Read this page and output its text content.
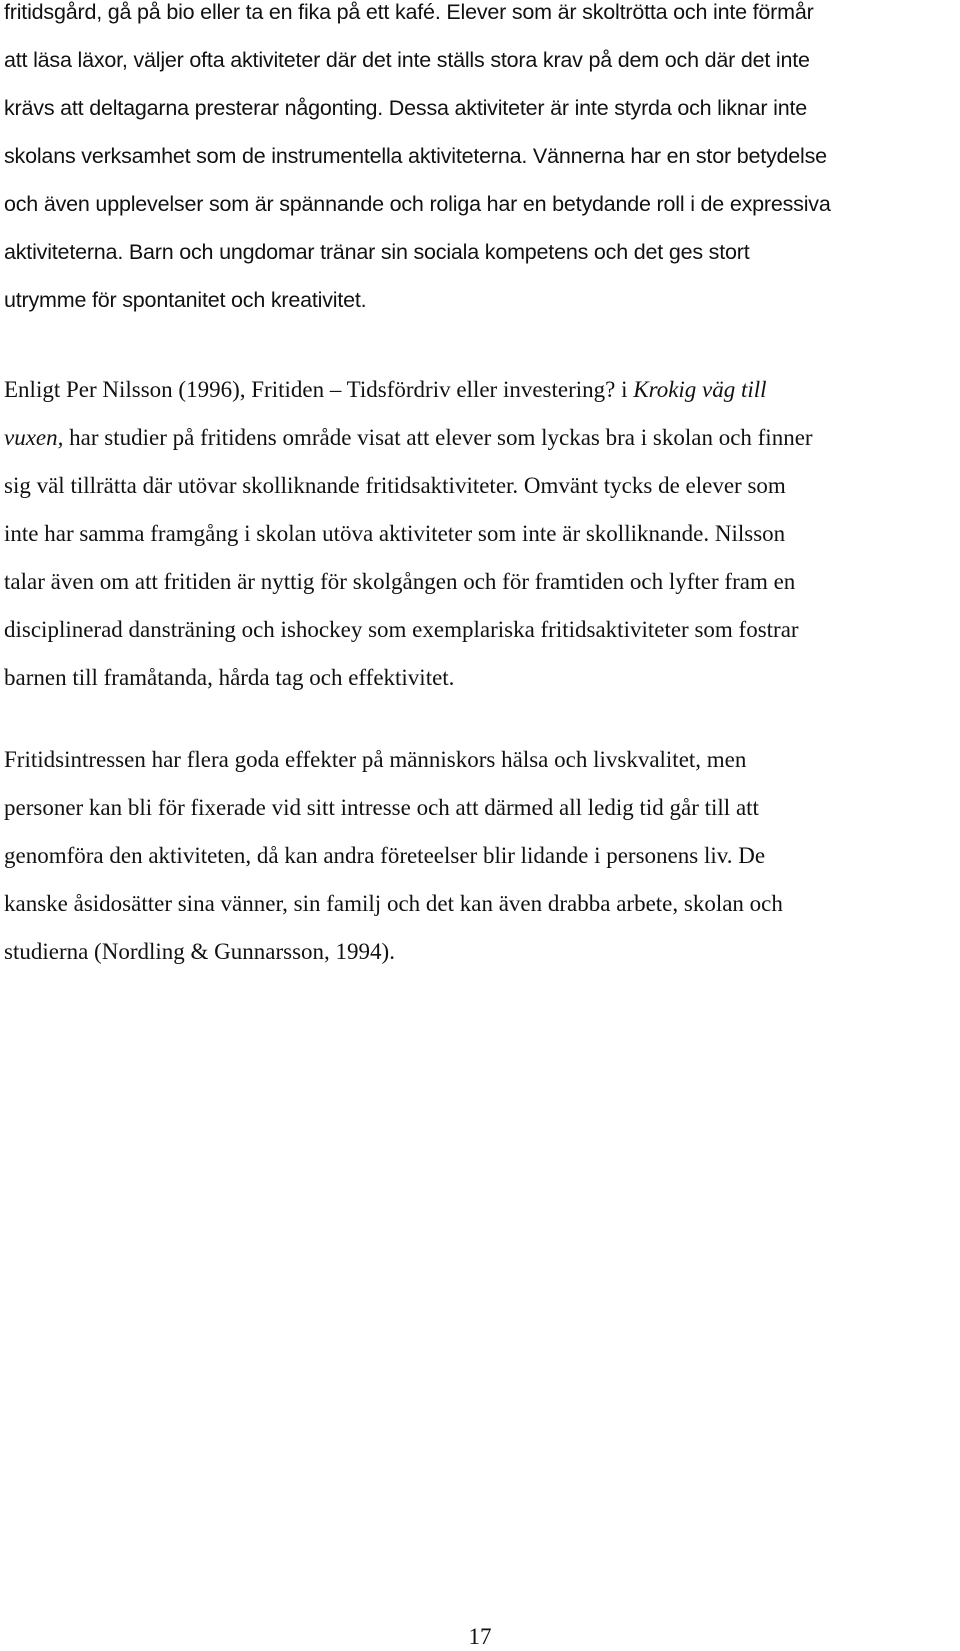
fritidsgård, gå på bio eller ta en fika på ett kafé. Elever som är skoltrötta och inte förmår
att läsa läxor, väljer ofta aktiviteter där det inte ställs stora krav på dem och där det inte
krävs att deltagarna presterar någonting. Dessa aktiviteter är inte styrda och liknar inte
skolans verksamhet som de instrumentella aktiviteterna. Vännerna har en stor betydelse
och även upplevelser som är spännande och roliga har en betydande roll i de expressiva
aktiviteterna. Barn och ungdomar tränar sin sociala kompetens och det ges stort
utrymme för spontanitet och kreativitet.
Enligt Per Nilsson (1996), Fritiden – Tidsfördriv eller investering? i Krokig väg till
vuxen, har studier på fritidens område visat att elever som lyckas bra i skolan och finner
sig väl tillrätta där utövar skolliknande fritidsaktiviteter. Omvänt tycks de elever som
inte har samma framgång i skolan utöva aktiviteter som inte är skolliknande. Nilsson
talar även om att fritiden är nyttig för skolgången och för framtiden och lyfter fram en
disciplinerad dansträning och ishockey som exemplariska fritidsaktiviteter som fostrar
barnen till framåtanda, hårda tag och effektivitet.
Fritidsintressen har flera goda effekter på människors hälsa och livskvalitet, men
personer kan bli för fixerade vid sitt intresse och att därmed all ledig tid går till att
genomföra den aktiviteten, då kan andra företeelser blir lidande i personens liv. De
kanske åsidosätter sina vänner, sin familj och det kan även drabba arbete, skolan och
studierna (Nordling & Gunnarsson, 1994).
17
